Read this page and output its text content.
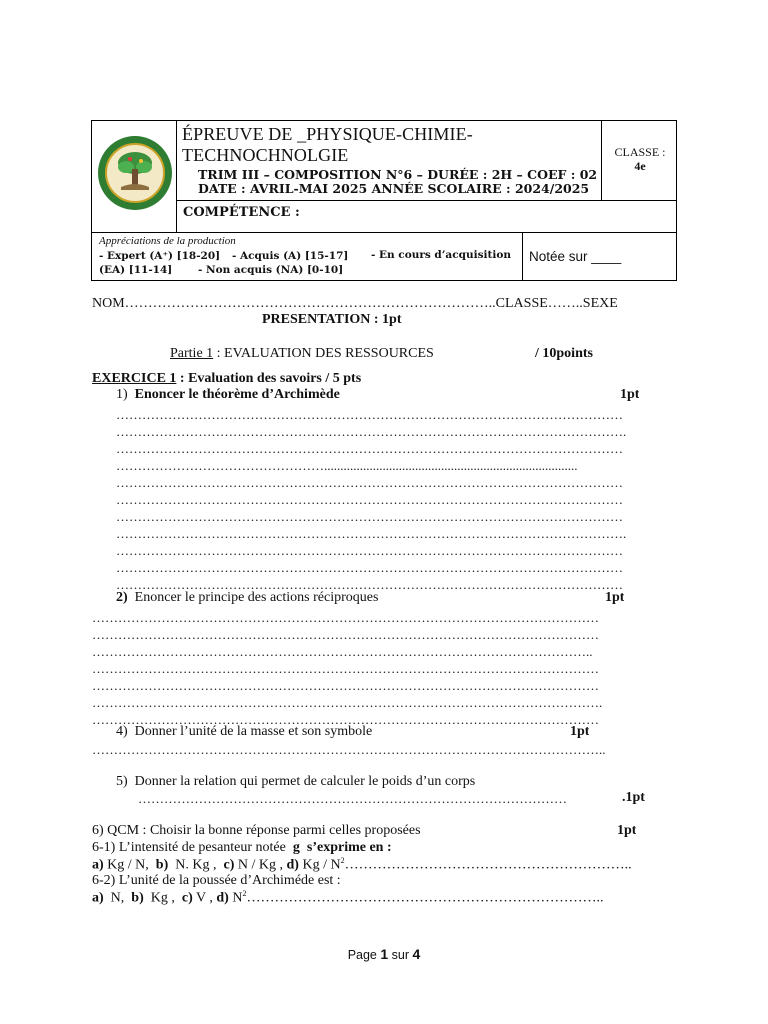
ÉPREUVE DE _PHYSIQUE-CHIMIE-
TECHNOCHNOLGIE
TRIM III – COMPOSITION N°6 – DURÉE : 2H – COEF : 02
DATE : AVRIL-MAI 2025 ANNÉE SCOLAIRE : 2024/2025
CLASSE :
4e
COMPÉTENCE :
Appréciations de la production
- Expert (A⁺) [18-20] - Acquis (A) [15-17] - En cours d’acquisition
(EA) [11-14] - Non acquis (NA) [0-10]
Notée sur ____
NOM……………………………………………………………………..CLASSE……..SEXE
PRESENTATION : 1pt
Partie 1 : EVALUATION DES RESSOURCES	/ 10points
EXERCICE 1 : Evaluation des savoirs / 5 pts
1) Enoncer le théorème d’Archimède	1pt
………………………………………………………………………………………………………
……………………………………………………………………………………………………….
………………………………………………………………………………………………………
…………………………………………..............................................................................
………………………………………………………………………………………………………
………………………………………………………………………………………………………
………………………………………………………………………………………………………
……………………………………………………………………………………………………….
………………………………………………………………………………………………………
………………………………………………………………………………………………………
………………………………………………………………………………………………………
2) Enoncer le principe des actions réciproques	1pt
………………………………………………………………………………………………………
………………………………………………………………………………………………………
……………………………………………………………………………………………………..
………………………………………………………………………………………………………
………………………………………………………………………………………………………
……………………………………………………………………………………………………….
………………………………………………………………………………………………………
4) Donner l’unité de la masse et son symbole	1pt
………………………………………………………………………………………………………..
5) Donner la relation qui permet de calculer le poids d’un corps
………………………………………………………………………………………	.1pt
6) QCM : Choisir la bonne réponse parmi celles proposées	1pt
6-1) L’intensité de pesanteur notée g s’exprime en :
a) Kg / N,  b)  N. Kg ,  c) N / Kg , d) Kg / $N^2\dots\dots\dots\dots\dots\dots\dots\dots\dots\dots\dots\dots\dots\dots\dots\dots\dots\dots\dots\dots$..
6-2) L’unité de la poussée d’Archiméde est :
a)  N,  b)  Kg ,  c) V , d) $N^2\dots\dots\dots\dots\dots\dots\dots\dots\dots\dots\dots\dots\dots\dots\dots\dots\dots\dots\dots\dots\dots\dots\dots\dots\dots$..
Page 1 sur 4
